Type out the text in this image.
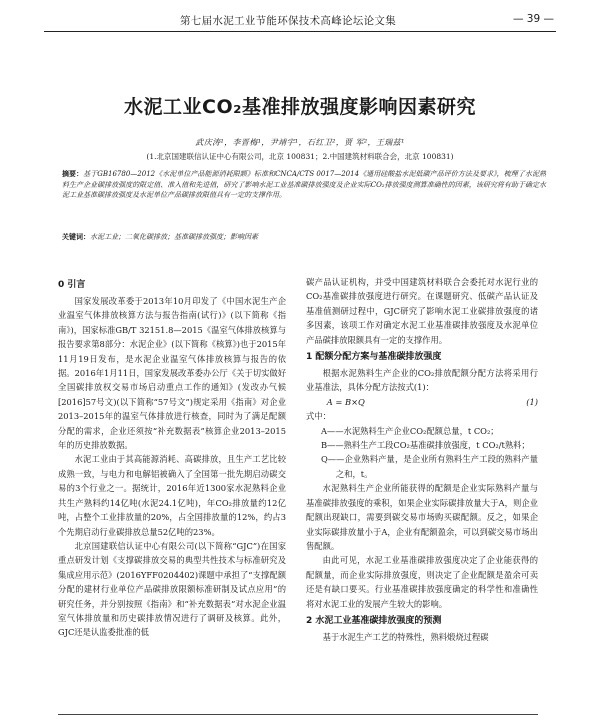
第七届水泥工业节能环保技术高峰论坛论文集	— 39 —
水泥工业CO₂基准排放强度影响因素研究
武庆涛¹，李晋梅¹，尹靖宇¹，石红卫²，贾 军²，王瑞兹¹
(1.北京国建联信认证中心有限公司，北京 100831；2.中国建筑材料联合会，北京 100831)
摘要：基于GB16780—2012《水泥单位产品能源消耗限额》标准和CNCA/CTS 0017—2014《通用硅酸盐水泥低碳产品评价方法及要求》，梳理了水泥熟料生产企业碳排放强度的限定值、准入值和先进值，研究了影响水泥工业基准碳排放强度及企业实际CO₂排放强度测算准确性的因素，该研究将有助于确定水泥工业基准碳排放强度及水泥单位产品碳排放限值具有一定的支撑作用。
关键词：水泥工业；二氧化碳排放；基准碳排放强度；影响因素
0 引言

国家发展改革委于2013年10月印发了《中国水泥生产企业温室气体排放核算方法与报告指南(试行)》(以下简称《指南》)，国家标准GB/T 32151.8—2015《温室气体排放核算与报告要求第8部分：水泥企业》(以下简称《核算》)也于2015年11月19日发布，是水泥企业温室气体排放核算与报告的依据。2016年1月11日，国家发展改革委办公厅《关于切实做好全国碳排放权交易市场启动重点工作的通知》(发改办气候[2016]57号文)(以下简称“57号文”)规定采用《指南》对企业2013–2015年的温室气体排放进行核查，同时为了满足配额分配的需求，企业还须按“补充数据表”核算企业2013–2015年的历史排放数据。

水泥工业由于其高能源消耗、高碳排放，且生产工艺比较成熟一致，与电力和电解铝被确入了全国第一批先期启动碳交易的3个行业之一。据统计，2016年近1300家水泥熟料企业共生产熟料约14亿吨(水泥24.1亿吨)，年CO₂排放量约12亿吨，占整个工业排放量的20%，占全国排放量的12%，约占3个先期启动行业碳排放总量52亿吨的23%。

北京国建联信认证中心有限公司(以下简称“GJC”)在国家重点研发计划《支撑碳排放交易的典型共性技术与标准研究及集成应用示范》(2016YFF0204402)课题中承担了“支撑配额分配的建材行业单位产品碳排放限额标准研制及试点应用”的研究任务，并分别按照《指南》和“补充数据表”对水泥企业温室气体排放量和历史碳排放情况进行了调研及核算。此外，GJC还是认监委批准的低

碳产品认证机构，并受中国建筑材料联合会委托对水泥行业的CO₂基准碳排放强度进行研究。在课题研究、低碳产品认证及基准值测研过程中，GJC研究了影响水泥工业碳排放强度的诸多因素，该项工作对确定水泥工业基准碳排放强度及水泥单位产品碳排放限额具有一定的支撑作用。

1 配额分配方案与基准碳排放强度

根据水泥熟料生产企业的CO₂排放配额分配方法将采用行业基准法，具体分配方法按式(1)：

A = B×Q	(1)
式中：
A——水泥熟料生产企业CO₂配额总量，t CO₂；
B——熟料生产工段CO₂基准碳排放强度，t CO₂/t熟料；
Q——企业熟料产量，是企业所有熟料生产工段的熟料产量之和，t。

水泥熟料生产企业所能获得的配额是企业实际熟料产量与基准碳排放强度的乘积，如果企业实际碳排放量大于A，则企业配额出现缺口，需要到碳交易市场购买碳配额。反之，如果企业实际碳排放量小于A，企业有配额盈余，可以到碳交易市场出售配额。

由此可见，水泥工业基准碳排放强度决定了企业能获得的配额量，而企业实际排放强度，则决定了企业配额是盈余可卖还是有缺口要买。行业基准碳排放强度确定的科学性和准确性将对水泥工业的发展产生较大的影响。

2 水泥工业基准碳排放强度的预测

基于水泥生产工艺的特殊性，熟料煅烧过程碳
